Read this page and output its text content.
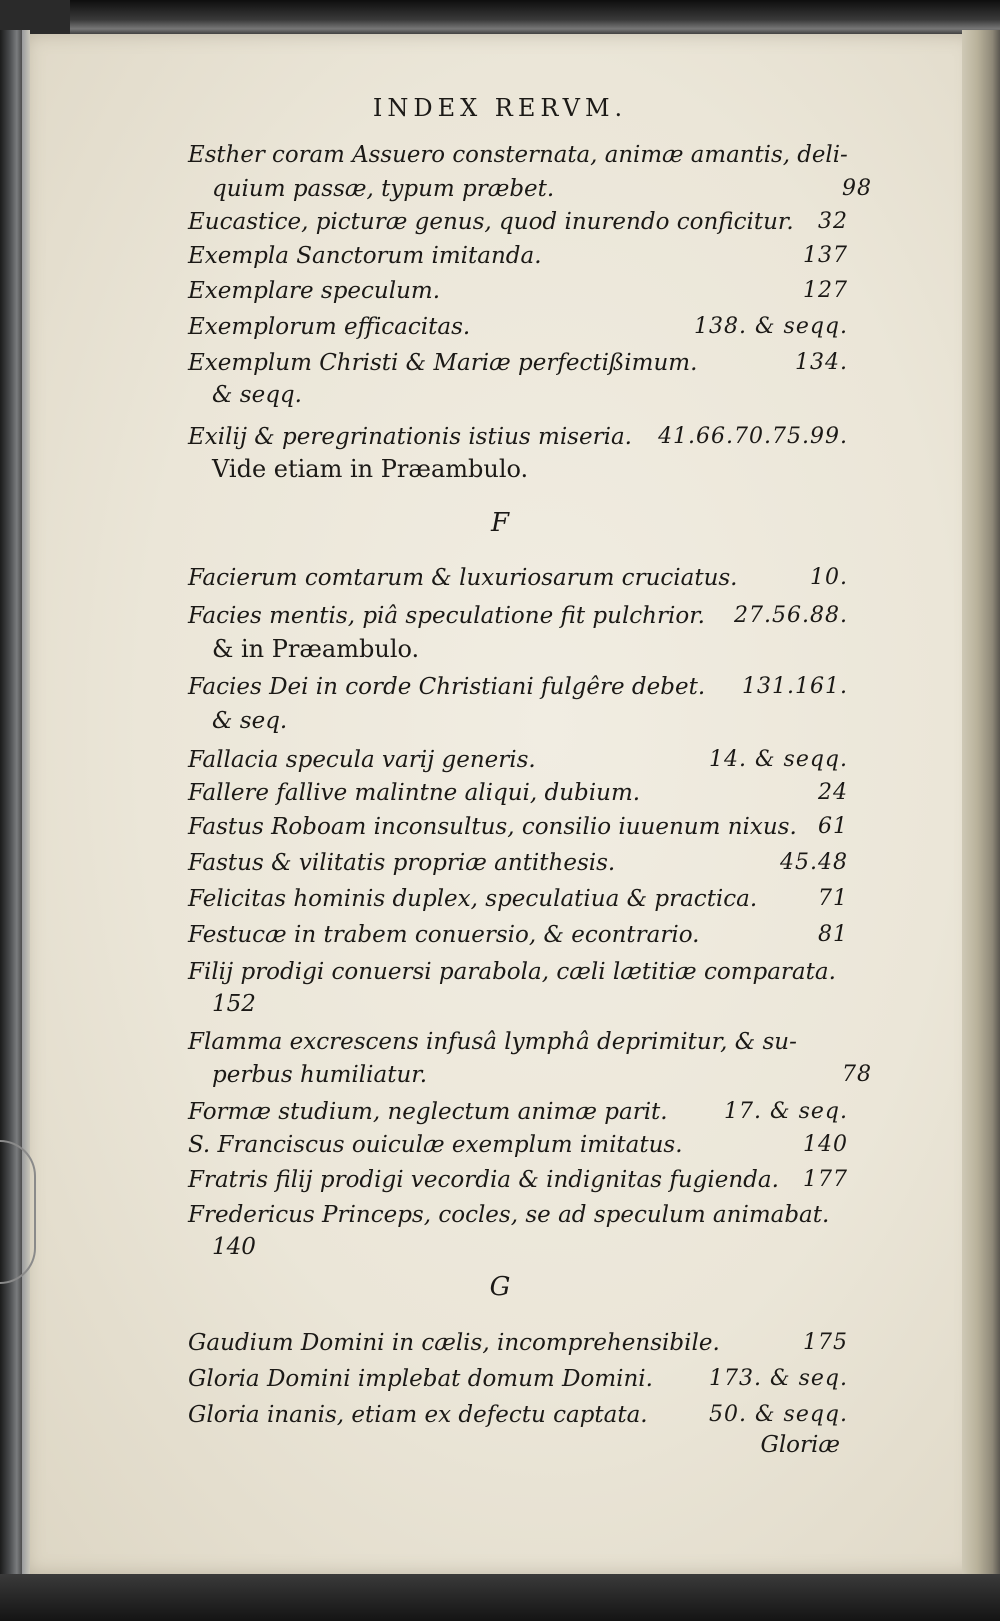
INDEX RERVM.
Esther coram Assuero consternata, animæ amantis, deli-
quium passæ, typum præbet.	98
Eucastice, picturæ genus, quod inurendo conficitur. 32
Exempla Sanctorum imitanda.	137
Exemplare speculum.	127
Exemplorum efficacitas.	138. & seqq.
Exemplum Christi & Mariæ perfectißimum.	134.
& seqq.
Exilij & peregrinationis istius miseria. 41.66.70.75.99.
Vide etiam in Præambulo.
F
Facierum comtarum & luxuriosarum cruciatus.	10.
Facies mentis, piâ speculatione fit pulchrior. 27.56.88.
& in Præambulo.
Facies Dei in corde Christiani fulgêre debet. 131.161.
& seq.
Fallacia specula varij generis.	14. & seqq.
Fallere fallive malintne aliqui, dubium.	24
Fastus Roboam inconsultus, consilio iuuenum nixus. 61
Fastus & vilitatis propriæ antithesis.	45.48
Felicitas hominis duplex, speculatiua & practica.	71
Festucæ in trabem conuersio, & econtrario.	81
Filij prodigi conuersi parabola, cæli lætitiæ comparata.
152
Flamma excrescens infusâ lymphâ deprimitur, & su-
perbus humiliatur.	78
Formæ studium, neglectum animæ parit.	17. & seq.
S. Franciscus ouiculæ exemplum imitatus.	140
Fratris filij prodigi vecordia & indignitas fugienda. 177
Fredericus Princeps, cocles, se ad speculum animabat.
140
G
Gaudium Domini in cælis, incomprehensibile.	175
Gloria Domini implebat domum Domini.	173. & seq.
Gloria inanis, etiam ex defectu captata.	50. & seqq.
Gloriæ
